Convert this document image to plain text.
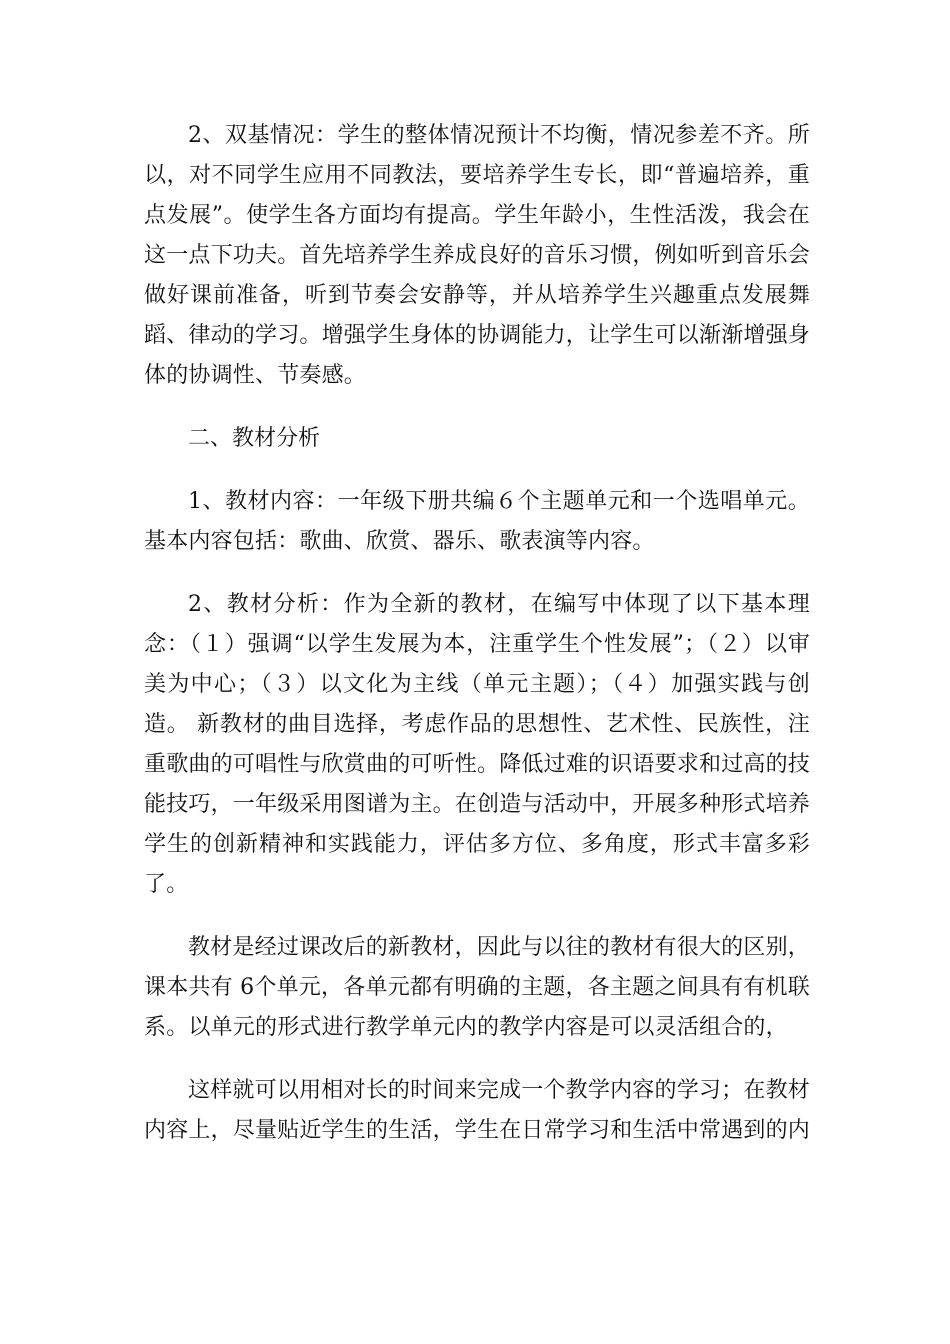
2、双基情况：学生的整体情况预计不均衡，情况参差不齐。所以，对不同学生应用不同教法，要培养学生专长，即“普遍培养，重点发展”。使学生各方面均有提高。学生年龄小，生性活泼，我会在这一点下功夫。首先培养学生养成良好的音乐习惯，例如听到音乐会做好课前准备，听到节奏会安静等，并从培养学生兴趣重点发展舞蹈、律动的学习。增强学生身体的协调能力，让学生可以渐渐增强身体的协调性、节奏感。

二、教材分析

1、教材内容：一年级下册共编６个主题单元和一个选唱单元。基本内容包括：歌曲、欣赏、器乐、歌表演等内容。

2、教材分析：作为全新的教材，在编写中体现了以下基本理念：（１）强调“以学生发展为本，注重学生个性发展”；（２）以审美为中心；（３）以文化为主线（单元主题）；（４）加强实践与创造。 新教材的曲目选择，考虑作品的思想性、艺术性、民族性，注重歌曲的可唱性与欣赏曲的可听性。降低过难的识语要求和过高的技能技巧，一年级采用图谱为主。在创造与活动中，开展多种形式培养学生的创新精神和实践能力，评估多方位、多角度，形式丰富多彩了。

教材是经过课改后的新教材，因此与以往的教材有很大的区别，课本共有 6个单元，各单元都有明确的主题，各主题之间具有有机联系。以单元的形式进行教学单元内的教学内容是可以灵活组合的，

这样就可以用相对长的时间来完成一个教学内容的学习；在教材内容上，尽量贴近学生的生活，学生在日常学习和生活中常遇到的内
